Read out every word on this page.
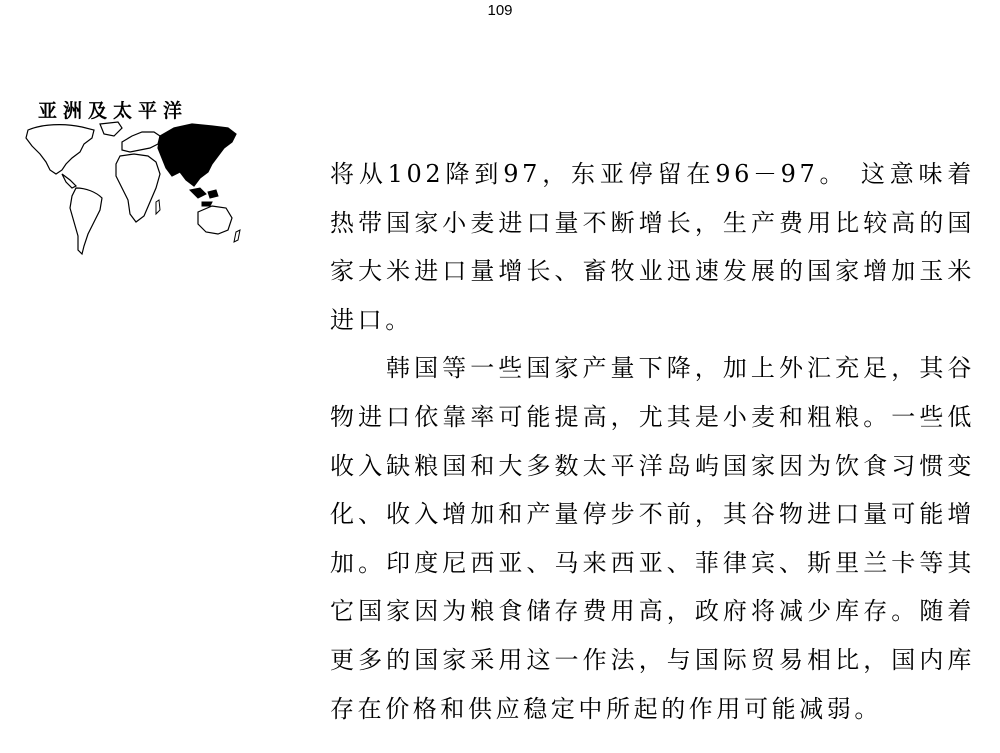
109
亚洲及太平洋

将从102降到97，东亚停留在96－97。 这意味着热带国家小麦进口量不断增长，生产费用比较高的国家大米进口量增长、畜牧业迅速发展的国家增加玉米进口。

韩国等一些国家产量下降，加上外汇充足，其谷物进口依靠率可能提高，尤其是小麦和粗粮。一些低收入缺粮国和大多数太平洋岛屿国家因为饮食习惯变化、收入增加和产量停步不前，其谷物进口量可能增加。印度尼西亚、马来西亚、菲律宾、斯里兰卡等其它国家因为粮食储存费用高，政府将减少库存。随着更多的国家采用这一作法，与国际贸易相比，国内库存在价格和供应稳定中所起的作用可能减弱。
